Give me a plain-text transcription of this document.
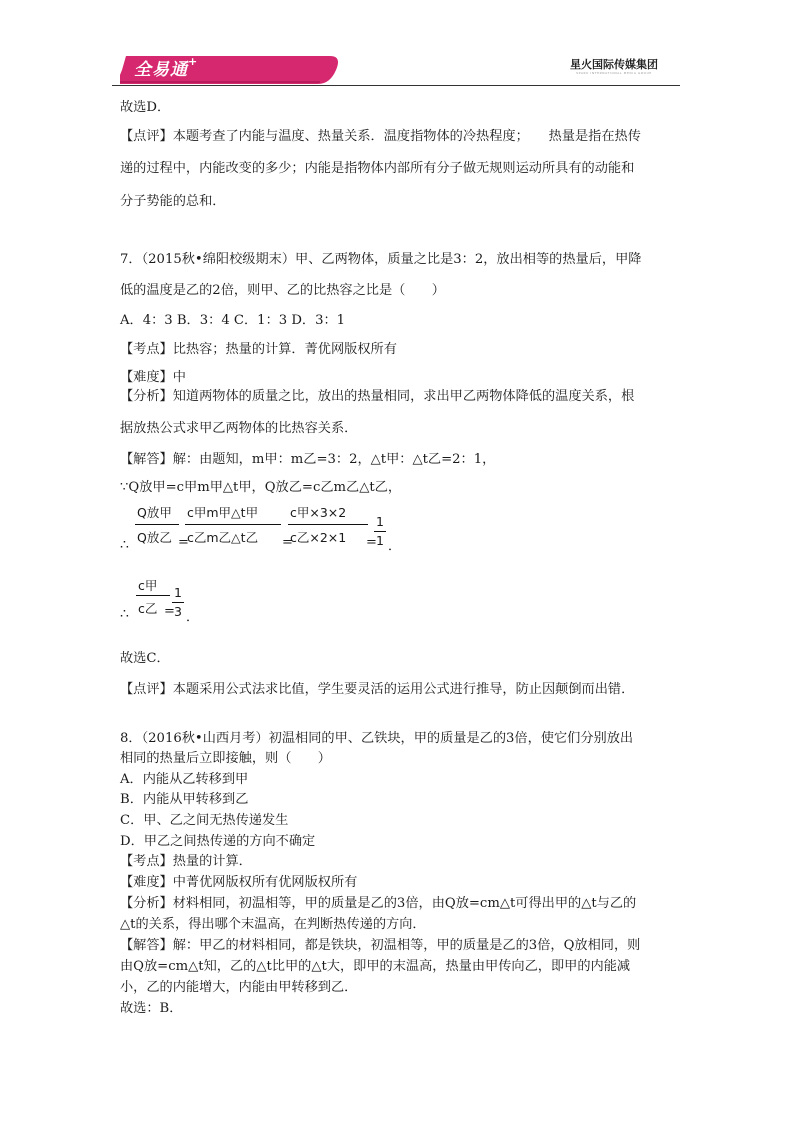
全易通+	星火国际传媒集团
SPARK INTERNATIONAL MEDIA GROUP
故选D．
【点评】本题考查了内能与温度、热量关系．温度指物体的冷热程度；　　热量是指在热传
递的过程中，内能改变的多少；内能是指物体内部所有分子做无规则运动所具有的动能和
分子势能的总和．
7．（2015秋•绵阳校级期末）甲、乙两物体，质量之比是3：2，放出相等的热量后，甲降
低的温度是乙的2倍，则甲、乙的比热容之比是（　　）
A．4：3 B．3：4 C．1：3 D．3：1
【考点】比热容；热量的计算．菁优网版权所有
【难度】中
【分析】知道两物体的质量之比，放出的热量相同，求出甲乙两物体降低的温度关系，根
据放热公式求甲乙两物体的比热容关系．
【解答】解：由题知，m甲：m乙=3：2，△t甲：△t乙=2：1，
∵Q放甲=c甲m甲△t甲，Q放乙=c乙m乙△t乙，
∴
Q放甲
Q放乙 =
c甲m甲△t甲
c乙m乙△t乙 =
c甲×3×2
c乙×2×1 =
1
1 ．
∴
c甲
c乙 =
1
3 ．
故选C．
【点评】本题采用公式法求比值，学生要灵活的运用公式进行推导，防止因颠倒而出错．
8．（2016秋•山西月考）初温相同的甲、乙铁块，甲的质量是乙的3倍，使它们分别放出
相同的热量后立即接触，则（　　）
A．内能从乙转移到甲
B．内能从甲转移到乙
C．甲、乙之间无热传递发生
D．甲乙之间热传递的方向不确定
【考点】热量的计算．
【难度】中菁优网版权所有优网版权所有
【分析】材料相同，初温相等，甲的质量是乙的3倍，由Q放=cm△t可得出甲的△t与乙的
△t的关系，得出哪个末温高，在判断热传递的方向．
【解答】解：甲乙的材料相同，都是铁块，初温相等，甲的质量是乙的3倍，Q放相同，则
由Q放=cm△t知，乙的△t比甲的△t大，即甲的末温高，热量由甲传向乙，即甲的内能减
小，乙的内能增大，内能由甲转移到乙．
故选：B．
